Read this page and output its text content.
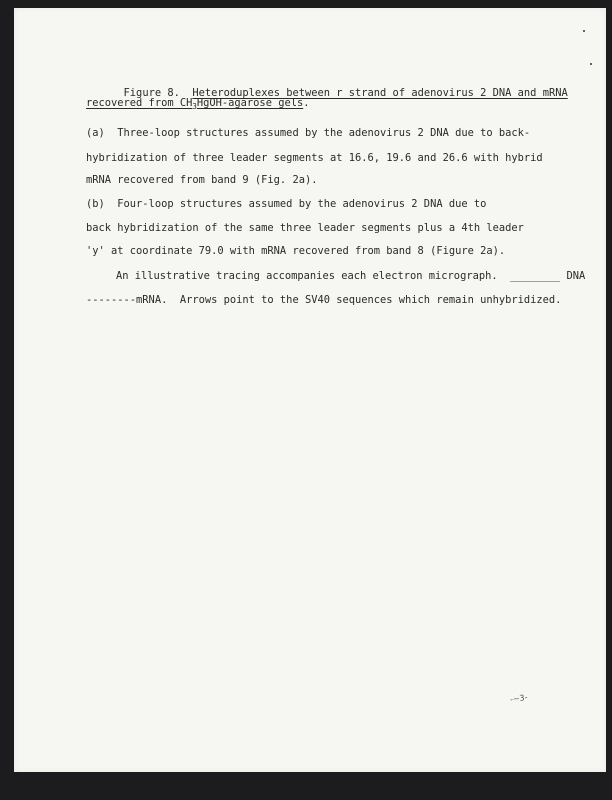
Figure 8. Heteroduplexes between r strand of adenovirus 2 DNA and mRNA

recovered from $CH_3HgOH$-agarose gels.
(a)  Three-loop structures assumed by the adenovirus 2 DNA due to back-
hybridization of three leader segments at 16.6, 19.6 and 26.6 with hybrid
mRNA recovered from band 9 (Fig. 2a).
(b)  Four-loop structures assumed by the adenovirus 2 DNA due to
back hybridization of the same three leader segments plus a 4th leader
'y' at coordinate 79.0 with mRNA recovered from band 8 (Figure 2a).
An illustrative tracing accompanies each electron micrograph. ________ DNA
--------mRNA.  Arrows point to the SV40 sequences which remain unhybridized.
-~3-
